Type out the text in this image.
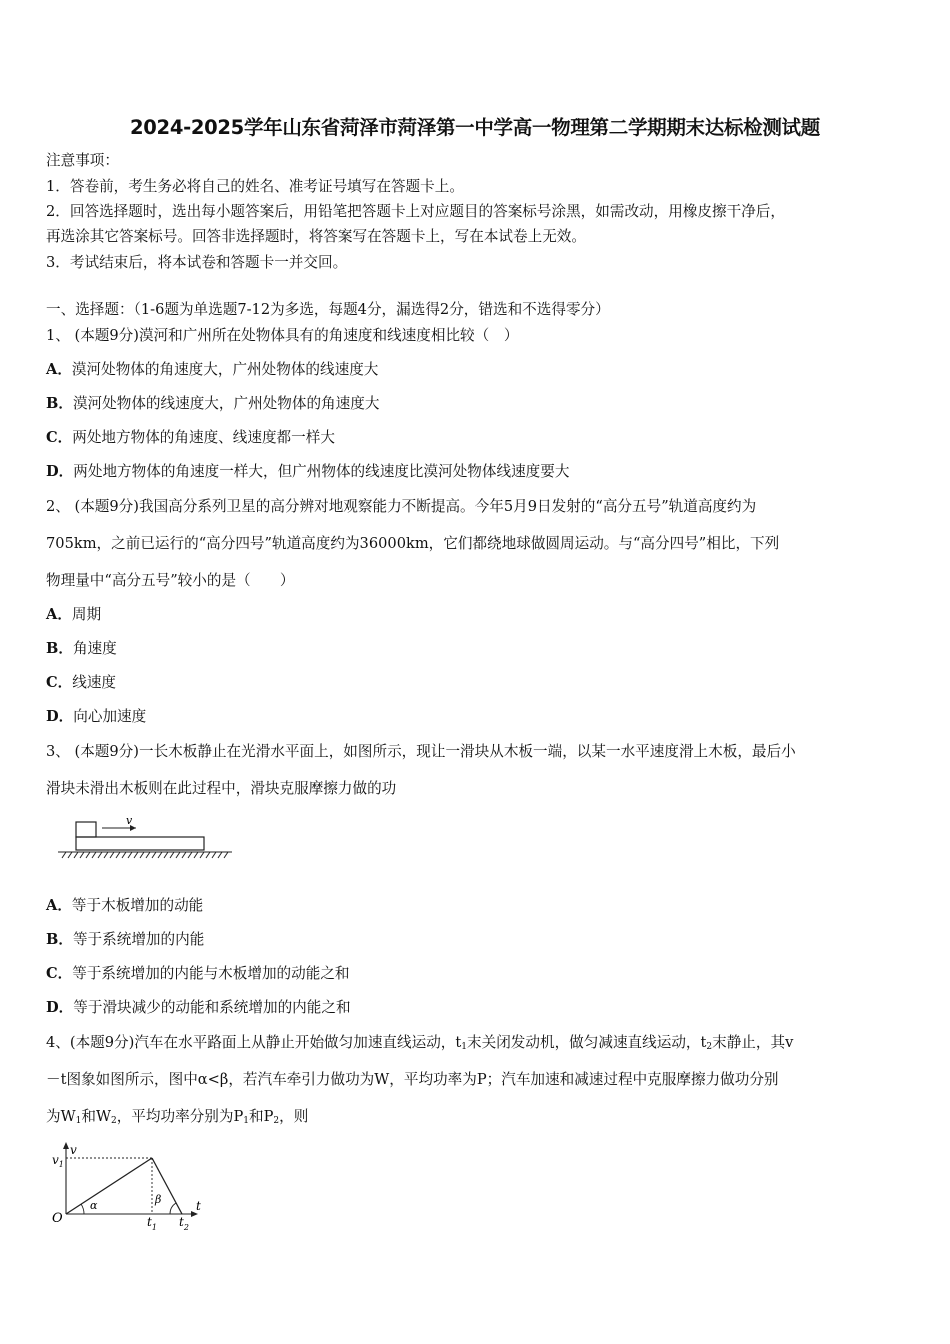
2024-2025学年山东省菏泽市菏泽第一中学高一物理第二学期期末达标检测试题
注意事项：
1．答卷前，考生务必将自己的姓名、准考证号填写在答题卡上。
2．回答选择题时，选出每小题答案后，用铅笔把答题卡上对应题目的答案标号涂黑，如需改动，用橡皮擦干净后，
再选涂其它答案标号。回答非选择题时，将答案写在答题卡上，写在本试卷上无效。
3．考试结束后，将本试卷和答题卡一并交回。
一、选择题：（1-6题为单选题7-12为多选，每题4分，漏选得2分，错选和不选得零分）
1、 (本题9分)漠河和广州所在处物体具有的角速度和线速度相比较（　）
A．漠河处物体的角速度大，广州处物体的线速度大
B．漠河处物体的线速度大，广州处物体的角速度大
C．两处地方物体的角速度、线速度都一样大
D．两处地方物体的角速度一样大，但广州物体的线速度比漠河处物体线速度要大
2、 (本题9分)我国高分系列卫星的高分辨对地观察能力不断提高。今年5月9日发射的“高分五号”轨道高度约为
705km，之前已运行的“高分四号”轨道高度约为36000km，它们都绕地球做圆周运动。与“高分四号”相比，下列
物理量中“高分五号”较小的是（　　）
A．周期
B．角速度
C．线速度
D．向心加速度
3、 (本题9分)一长木板静止在光滑水平面上，如图所示，现让一滑块从木板一端，以某一水平速度滑上木板，最后小
滑块未滑出木板则在此过程中，滑块克服摩擦力做的功
v
A．等于木板增加的动能
B．等于系统增加的内能
C．等于系统增加的内能与木板增加的动能之和
D．等于滑块减少的动能和系统增加的内能之和
4、(本题9分)汽车在水平路面上从静止开始做匀加速直线运动，$t_1$末关闭发动机，做匀减速直线运动，$t_2$末静止，其v
－t图象如图所示，图中α<β，若汽车牵引力做功为W，平均功率为P；汽车加速和减速过程中克服摩擦力做功分别
为$W_1$和$W_2$，平均功率分别为$P_1$和$P_2$，则
$v_1$
v
O
α	β	t
$t_1$ $t_2$
